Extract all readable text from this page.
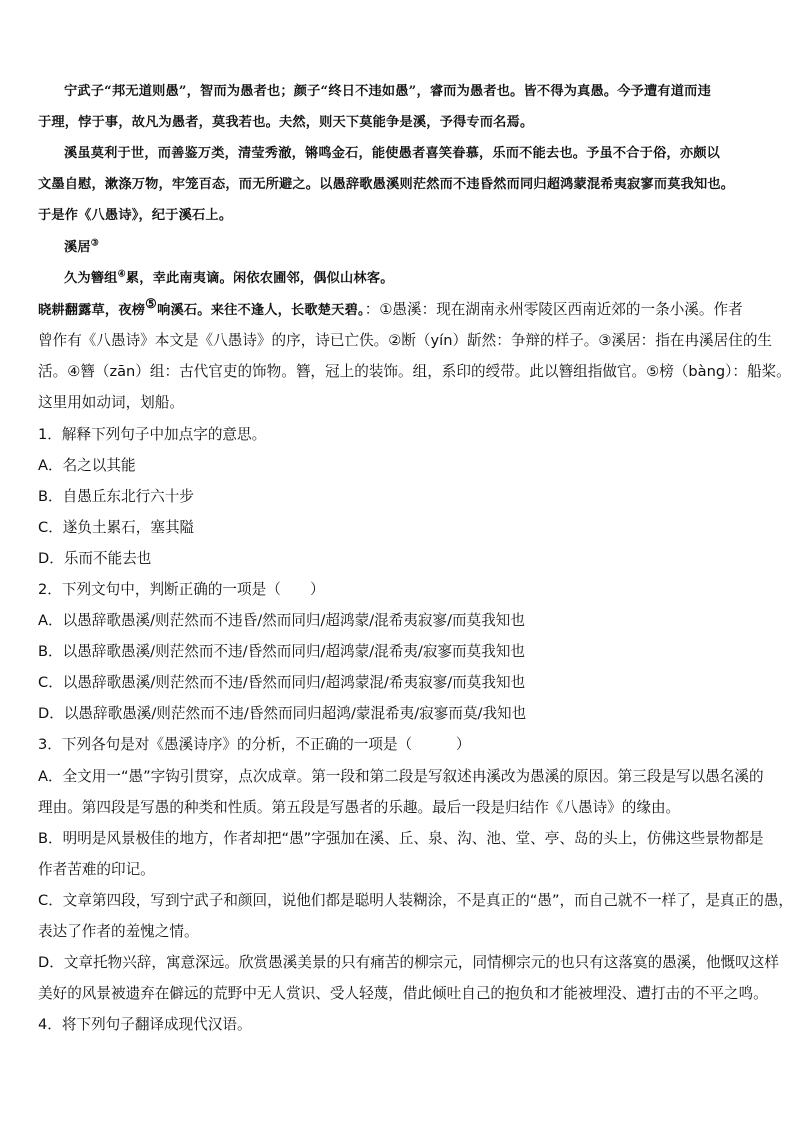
宁武子“邦无道则愚”，智而为愚者也；颜子“终日不违如愚”，睿而为愚者也。皆不得为真愚。今予遭有道而违
于理，悖于事，故凡为愚者，莫我若也。夫然，则天下莫能争是溪，予得专而名焉。
溪虽莫利于世，而善鉴万类，清莹秀澈，锵鸣金石，能使愚者喜笑眷慕，乐而不能去也。予虽不合于俗，亦颇以
文墨自慰，漱涤万物，牢笼百态，而无所避之。以愚辞歌愚溪则茫然而不违昏然而同归超鸿蒙混希夷寂寥而莫我知也。
于是作《八愚诗》，纪于溪石上。
溪居③
久为簪组④累，幸此南夷谪。闲依农圃邻，偶似山林客。
晓耕翻露草，夜榜⑤响溪石。来往不逢人，长歌楚天碧。：①愚溪：现在湖南永州零陵区西南近郊的一条小溪。作者
曾作有《八愚诗》本文是《八愚诗》的序，诗已亡佚。②断（yín）龂然：争辩的样子。③溪居：指在冉溪居住的生
活。④簪（zān）组：古代官吏的饰物。簪，冠上的装饰。组，系印的绶带。此以簪组指做官。⑤榜（bàng）：船桨。
这里用如动词，划船。
1．解释下列句子中加点字的意思。
A．名之以其能
B．自愚丘东北行六十步
C．遂负土累石，塞其隘
D．乐而不能去也
2．下列文句中，判断正确的一项是（　　）
A．以愚辞歌愚溪/则茫然而不违昏/然而同归/超鸿蒙/混希夷寂寥/而莫我知也
B．以愚辞歌愚溪/则茫然而不违/昏然而同归/超鸿蒙/混希夷/寂寥而莫我知也
C．以愚辞歌愚溪/则茫然而不违/昏然而同归/超鸿蒙混/希夷寂寥/而莫我知也
D．以愚辞歌愚溪/则茫然而不违/昏然而同归超鸿/蒙混希夷/寂寥而莫/我知也
3．下列各句是对《愚溪诗序》的分析，不正确的一项是（　　　）
A．全文用一“愚”字钩引贯穿，点次成章。第一段和第二段是写叙述冉溪改为愚溪的原因。第三段是写以愚名溪的
理由。第四段是写愚的种类和性质。第五段是写愚者的乐趣。最后一段是归结作《八愚诗》的缘由。
B．明明是风景极佳的地方，作者却把“愚”字强加在溪、丘、泉、沟、池、堂、亭、岛的头上，仿佛这些景物都是
作者苦难的印记。
C．文章第四段，写到宁武子和颜回，说他们都是聪明人装糊涂，不是真正的“愚”，而自己就不一样了，是真正的愚，
表达了作者的羞愧之情。
D．文章托物兴辞，寓意深远。欣赏愚溪美景的只有痛苦的柳宗元，同情柳宗元的也只有这落寞的愚溪，他慨叹这样
美好的风景被遗弃在僻远的荒野中无人赏识、受人轻蔑，借此倾吐自己的抱负和才能被埋没、遭打击的不平之鸣。
4．将下列句子翻译成现代汉语。
